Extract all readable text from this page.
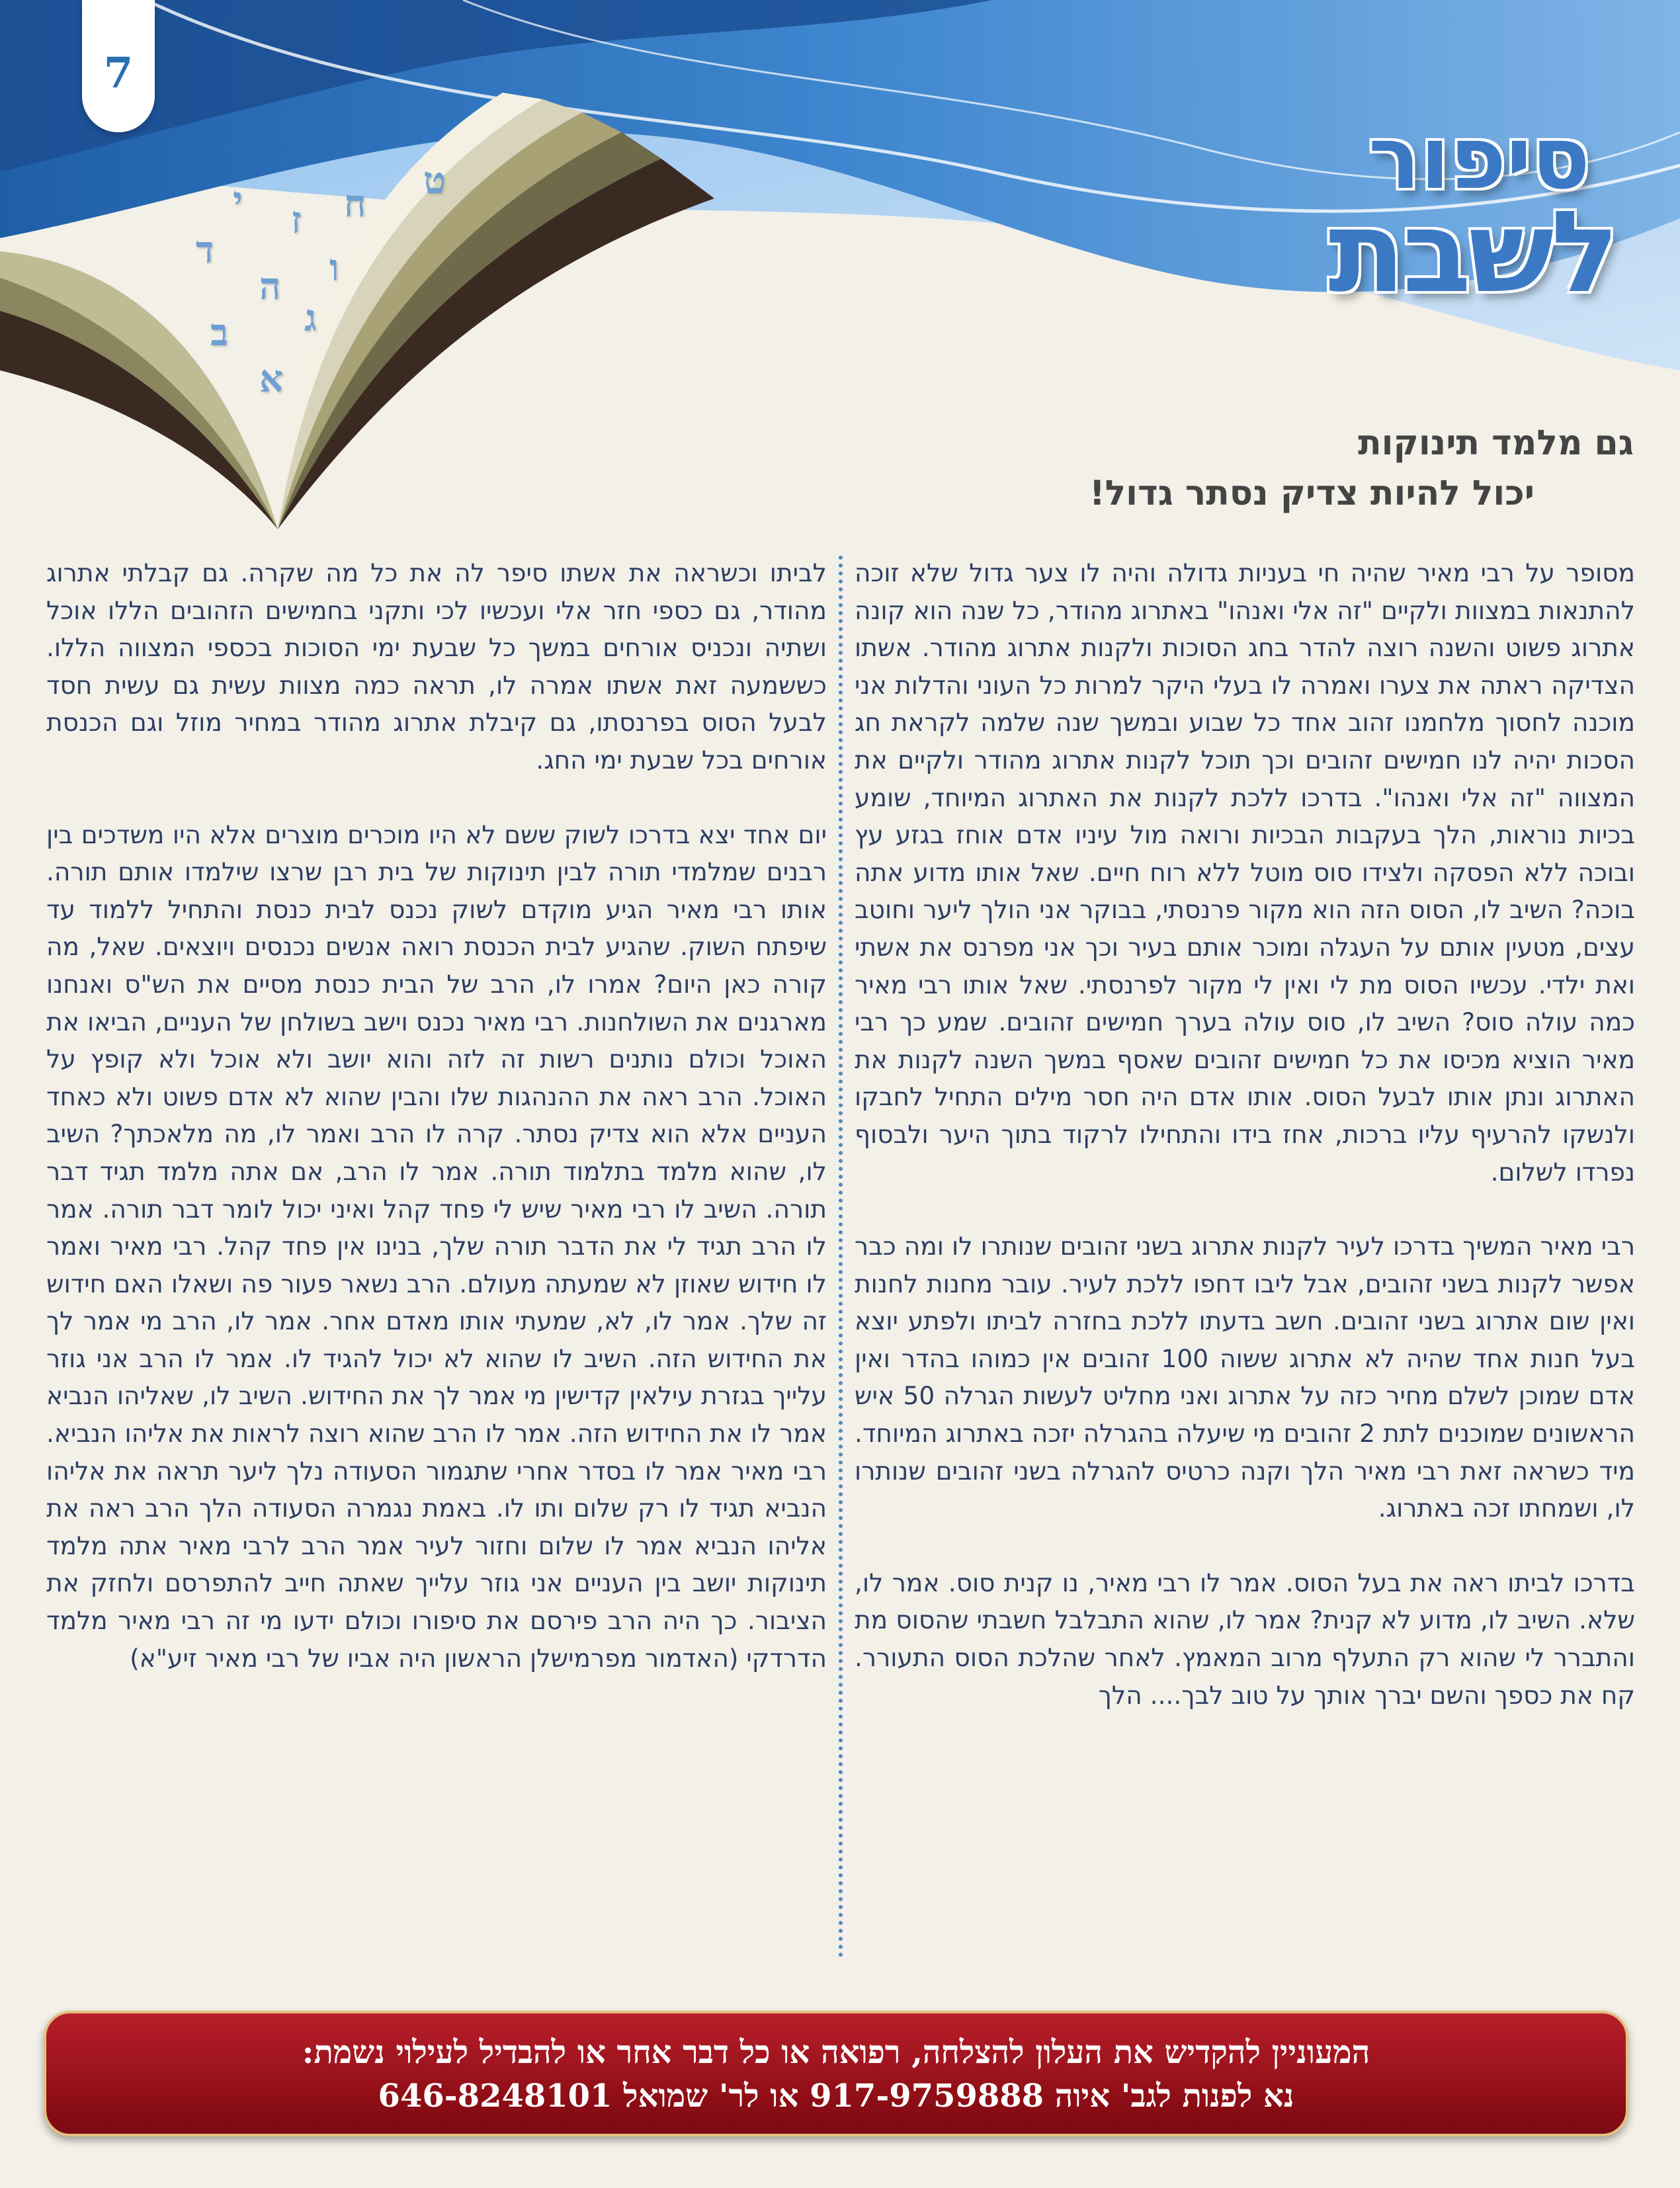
ט
ח
ז
י
ו
ד
ה
ג
ב
א
7
סיפור
לשבת
גם מלמד תינוקות
יכול להיות צדיק נסתר גדול!

מסופר על רבי מאיר שהיה חי בעניות גדולה והיה לו צער גדול שלא זוכה להתנאות במצוות ולקיים "זה אלי ואנהו" באתרוג מהודר, כל שנה הוא קונה אתרוג פשוט והשנה רוצה להדר בחג הסוכות ולקנות אתרוג מהודר. אשתו הצדיקה ראתה את צערו ואמרה לו בעלי היקר למרות כל העוני והדלות אני מוכנה לחסוך מלחמנו זהוב אחד כל שבוע ובמשך שנה שלמה לקראת חג הסכות יהיה לנו חמישים זהובים וכך תוכל לקנות אתרוג מהודר ולקיים את המצווה "זה אלי ואנהו". בדרכו ללכת לקנות את האתרוג המיוחד, שומע בכיות נוראות, הלך בעקבות הבכיות ורואה מול עיניו אדם אוחז בגזע עץ ובוכה ללא הפסקה ולצידו סוס מוטל ללא רוח חיים. שאל אותו מדוע אתה בוכה? השיב לו, הסוס הזה הוא מקור פרנסתי, בבוקר אני הולך ליער וחוטב עצים, מטעין אותם על העגלה ומוכר אותם בעיר וכך אני מפרנס את אשתי ואת ילדי. עכשיו הסוס מת לי ואין לי מקור לפרנסתי. שאל אותו רבי מאיר כמה עולה סוס? השיב לו, סוס עולה בערך חמישים זהובים. שמע כך רבי מאיר הוציא מכיסו את כל חמישים זהובים שאסף במשך השנה לקנות את האתרוג ונתן אותו לבעל הסוס. אותו אדם היה חסר מילים התחיל לחבקו ולנשקו להרעיף עליו ברכות, אחז בידו והתחילו לרקוד בתוך היער ולבסוף נפרדו לשלום.

רבי מאיר המשיך בדרכו לעיר לקנות אתרוג בשני זהובים שנותרו לו ומה כבר אפשר לקנות בשני זהובים, אבל ליבו דחפו ללכת לעיר. עובר מחנות לחנות ואין שום אתרוג בשני זהובים. חשב בדעתו ללכת בחזרה לביתו ולפתע יוצא בעל חנות אחד שהיה לא אתרוג ששוה 100 זהובים אין כמוהו בהדר ואין אדם שמוכן לשלם מחיר כזה על אתרוג ואני מחליט לעשות הגרלה 50 איש הראשונים שמוכנים לתת 2 זהובים מי שיעלה בהגרלה יזכה באתרוג המיוחד. מיד כשראה זאת רבי מאיר הלך וקנה כרטיס להגרלה בשני זהובים שנותרו לו, ושמחתו זכה באתרוג.

בדרכו לביתו ראה את בעל הסוס. אמר לו רבי מאיר, נו קנית סוס. אמר לו, שלא. השיב לו, מדוע לא קנית? אמר לו, שהוא התבלבל חשבתי שהסוס מת והתברר לי שהוא רק התעלף מרוב המאמץ. לאחר שהלכת הסוס התעורר. קח את כספך והשם יברך אותך על טוב לבך.... הלך

לביתו וכשראה את אשתו סיפר לה את כל מה שקרה. גם קבלתי אתרוג מהודר, גם כספי חזר אלי ועכשיו לכי ותקני בחמישים הזהובים הללו אוכל ושתיה ונכניס אורחים במשך כל שבעת ימי הסוכות בכספי המצווה הללו. כששמעה זאת אשתו אמרה לו, תראה כמה מצוות עשית גם עשית חסד לבעל הסוס בפרנסתו, גם קיבלת אתרוג מהודר במחיר מוזל וגם הכנסת אורחים בכל שבעת ימי החג.

יום אחד יצא בדרכו לשוק ששם לא היו מוכרים מוצרים אלא היו משדכים בין רבנים שמלמדי תורה לבין תינוקות של בית רבן שרצו שילמדו אותם תורה. אותו רבי מאיר הגיע מוקדם לשוק נכנס לבית כנסת והתחיל ללמוד עד שיפתח השוק. שהגיע לבית הכנסת רואה אנשים נכנסים ויוצאים. שאל, מה קורה כאן היום? אמרו לו, הרב של הבית כנסת מסיים את הש"ס ואנחנו מארגנים את השולחנות. רבי מאיר נכנס וישב בשולחן של העניים, הביאו את האוכל וכולם נותנים רשות זה לזה והוא יושב ולא אוכל ולא קופץ על האוכל. הרב ראה את ההנהגות שלו והבין שהוא לא אדם פשוט ולא כאחד העניים אלא הוא צדיק נסתר. קרה לו הרב ואמר לו, מה מלאכתך? השיב לו, שהוא מלמד בתלמוד תורה. אמר לו הרב, אם אתה מלמד תגיד דבר תורה. השיב לו רבי מאיר שיש לי פחד קהל ואיני יכול לומר דבר תורה. אמר לו הרב תגיד לי את הדבר תורה שלך, בנינו אין פחד קהל. רבי מאיר ואמר לו חידוש שאוזן לא שמעתה מעולם. הרב נשאר פעור פה ושאלו האם חידוש זה שלך. אמר לו, לא, שמעתי אותו מאדם אחר. אמר לו, הרב מי אמר לך את החידוש הזה. השיב לו שהוא לא יכול להגיד לו. אמר לו הרב אני גוזר עלייך בגזרת עילאין קדישין מי אמר לך את החידוש. השיב לו, שאליהו הנביא אמר לו את החידוש הזה. אמר לו הרב שהוא רוצה לראות את אליהו הנביא. רבי מאיר אמר לו בסדר אחרי שתגמור הסעודה נלך ליער תראה את אליהו הנביא תגיד לו רק שלום ותו לו. באמת נגמרה הסעודה הלך הרב ראה את אליהו הנביא אמר לו שלום וחזור לעיר אמר הרב לרבי מאיר אתה מלמד תינוקות יושב בין העניים אני גוזר עלייך שאתה חייב להתפרסם ולחזק את הציבור. כך היה הרב פירסם את סיפורו וכולם ידעו מי זה רבי מאיר מלמד הדרדקי (האדמור מפרמישלן הראשון היה אביו של רבי מאיר זיע"א)

המעוניין להקדיש את העלון להצלחה, רפואה או כל דבר אחר או להבדיל לעילוי נשמת:
נא לפנות לגב' איוה 917-9759888 או לר' שמואל 646-8248101
